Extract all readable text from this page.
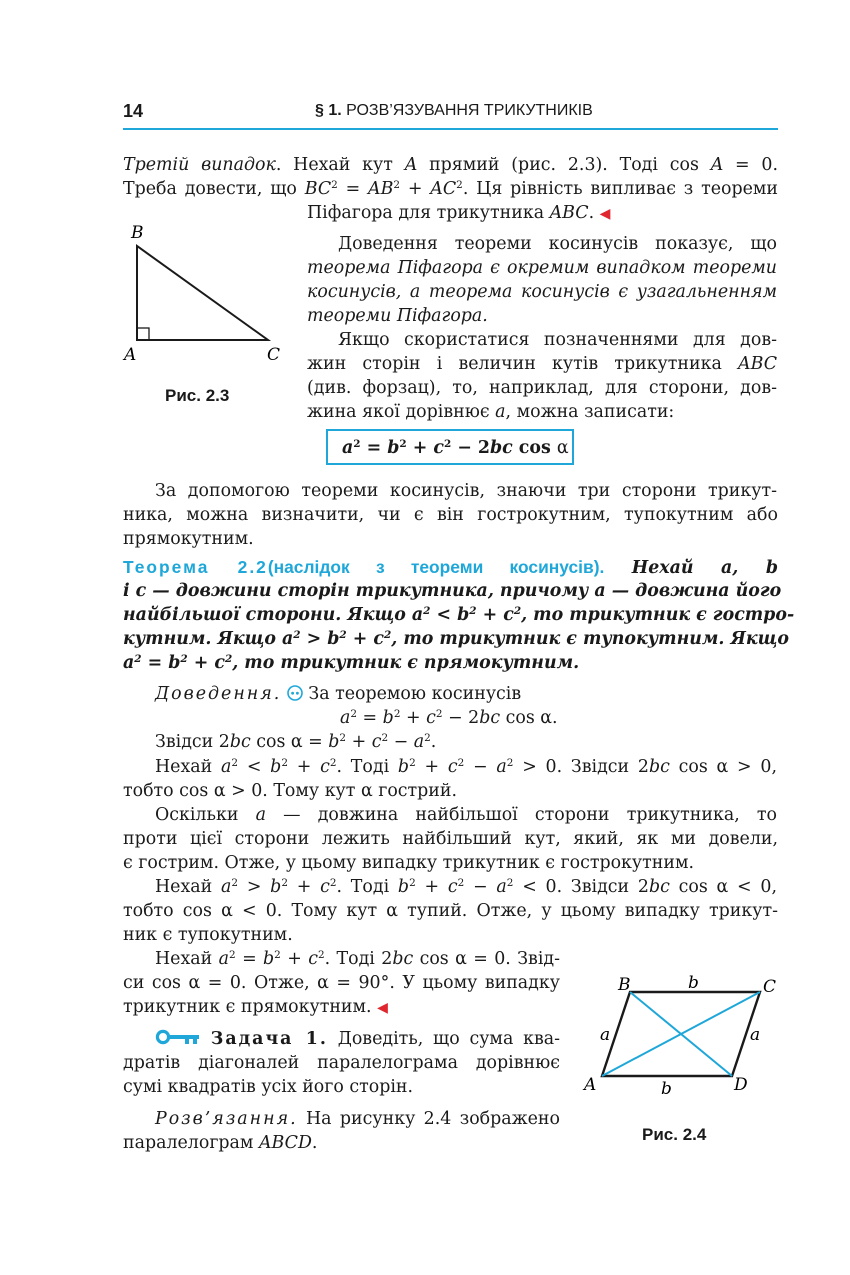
14	§ 1. РОЗВ’ЯЗУВАННЯ ТРИКУТНИКІВ
Третій випадок. Нехай кут A прямий (рис. 2.3). Тоді cos A = 0.
Треба довести, що $BC^2 = AB^2 + AC^2$. Ця рівність випливає з теореми
Піфагора для трикутника ABC. ◀
B
A	C
Рис. 2.3
Доведення теореми косинусів показує, що
теорема Піфагора є окремим випадком теореми
косинусів, а теорема косинусів є узагальненням
теореми Піфагора.
Якщо скористатися позначеннями для дов-
жин сторін і величин кутів трикутника ABC
(див. форзац), то, наприклад, для сторони, дов-
жина якої дорівнює a, можна записати:
$a^2 = b^2 + c^2 - 2bc$ cos α
За допомогою теореми косинусів, знаючи три сторони трикут-
ника, можна визначити, чи є він гострокутним, тупокутним або
прямокутним.
Теорема 2.2(наслідок з теореми косинусів). Нехай a, b
і c — довжини сторін трикутника, причому a — довжина його
найбільшої сторони. Якщо $a^2 < b^2 + c^2$, то трикутник є гостро-
кутним. Якщо $a^2 > b^2 + c^2$, то трикутник є тупокутним. Якщо
$a^2 = b^2 + c^2$, то трикутник є прямокутним.
Доведення. За теоремою косинусів
$a^2 = b^2 + c^2 - 2bc$ cos α.
Звідси 2bc $\cos \alpha = b^2 + c^2 - a^2$.
Нехай $a^2 < b^2 + c^2$. Тоді $b^2 + c^2 - a^2 > 0$. Звідси 2bc cos α > 0,
тобто cos α > 0. Тому кут α гострий.
Оскільки a — довжина найбільшої сторони трикутника, то
проти цієї сторони лежить найбільший кут, який, як ми довели,
є гострим. Отже, у цьому випадку трикутник є гострокутним.
Нехай $a^2 > b^2 + c^2$. Тоді $b^2 + c^2 - a^2 < 0$. Звідси 2bc cos α < 0,
тобто cos α < 0. Тому кут α тупий. Отже, у цьому випадку трикут-
ник є тупокутним.
Нехай $a^2 = b^2 + c^2$. Тоді 2bc cos α = 0. Звід-
си cos α = 0. Отже, α = 90°. У цьому випадку
трикутник є прямокутним. ◀
Задача 1. Доведіть, що сума ква-
дратів діагоналей паралелограма дорівнює
сумі квадратів усіх його сторін.
Розв’язання. На рисунку 2.4 зображено
паралелограм ABCD.
B	C
A	D
b
b
a	a
Рис. 2.4
